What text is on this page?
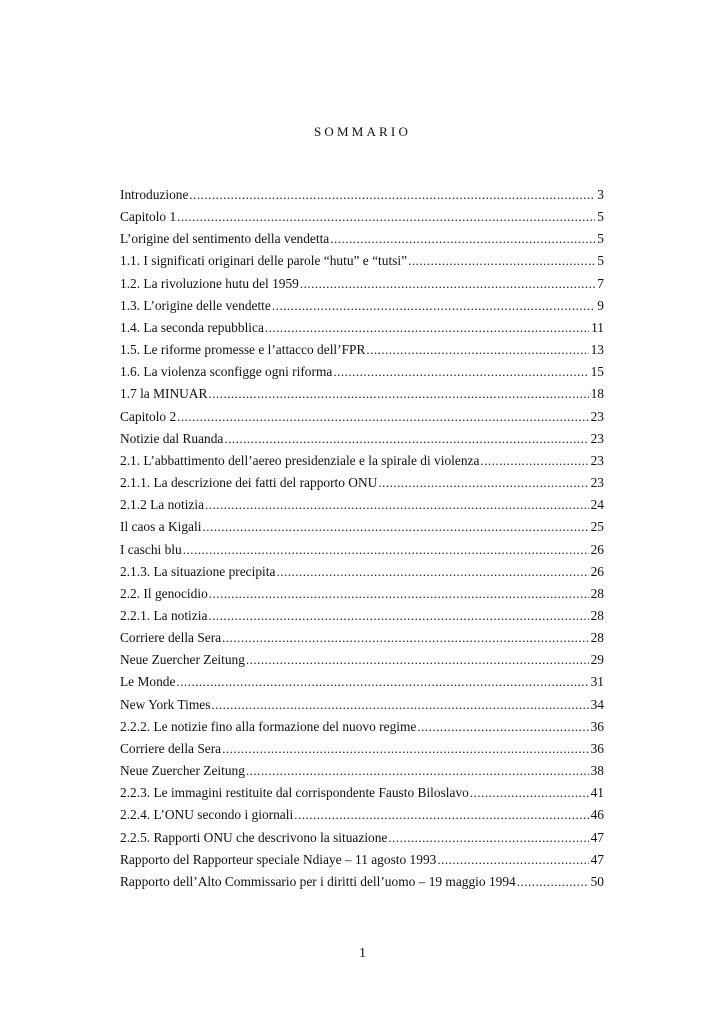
SOMMARIO
Introduzione .....	3
Capitolo 1 .....	5
L’origine del sentimento della vendetta .....	5
1.1. I significati originari delle parole “hutu” e “tutsi” .....	5
1.2. La rivoluzione hutu del 1959 .....	7
1.3. L’origine delle vendette .....	9
1.4. La seconda repubblica .....	11
1.5. Le riforme promesse e l’attacco dell’FPR .....	13
1.6. La violenza sconfigge ogni riforma .....	15
1.7 la MINUAR .....	18
Capitolo 2 .....	23
Notizie dal Ruanda .....	23
2.1. L’abbattimento dell’aereo presidenziale e la spirale di violenza .....	23
2.1.1. La descrizione dei fatti del rapporto ONU .....	23
2.1.2 La notizia .....	24
Il caos a Kigali .....	25
I caschi blu .....	26
2.1.3. La situazione precipita .....	26
2.2. Il genocidio .....	28
2.2.1. La notizia .....	28
Corriere della Sera .....	28
Neue Zuercher Zeitung .....	29
Le Monde .....	31
New York Times .....	34
2.2.2. Le notizie fino alla formazione del nuovo regime .....	36
Corriere della Sera .....	36
Neue Zuercher Zeitung .....	38
2.2.3. Le immagini restituite dal corrispondente Fausto Biloslavo .....	41
2.2.4. L’ONU secondo i giornali .....	46
2.2.5. Rapporti ONU che descrivono la situazione .....	47
Rapporto del Rapporteur speciale Ndiaye – 11 agosto 1993 .....	47
Rapporto dell’Alto Commissario per i diritti dell’uomo – 19 maggio 1994 .....	50
1
